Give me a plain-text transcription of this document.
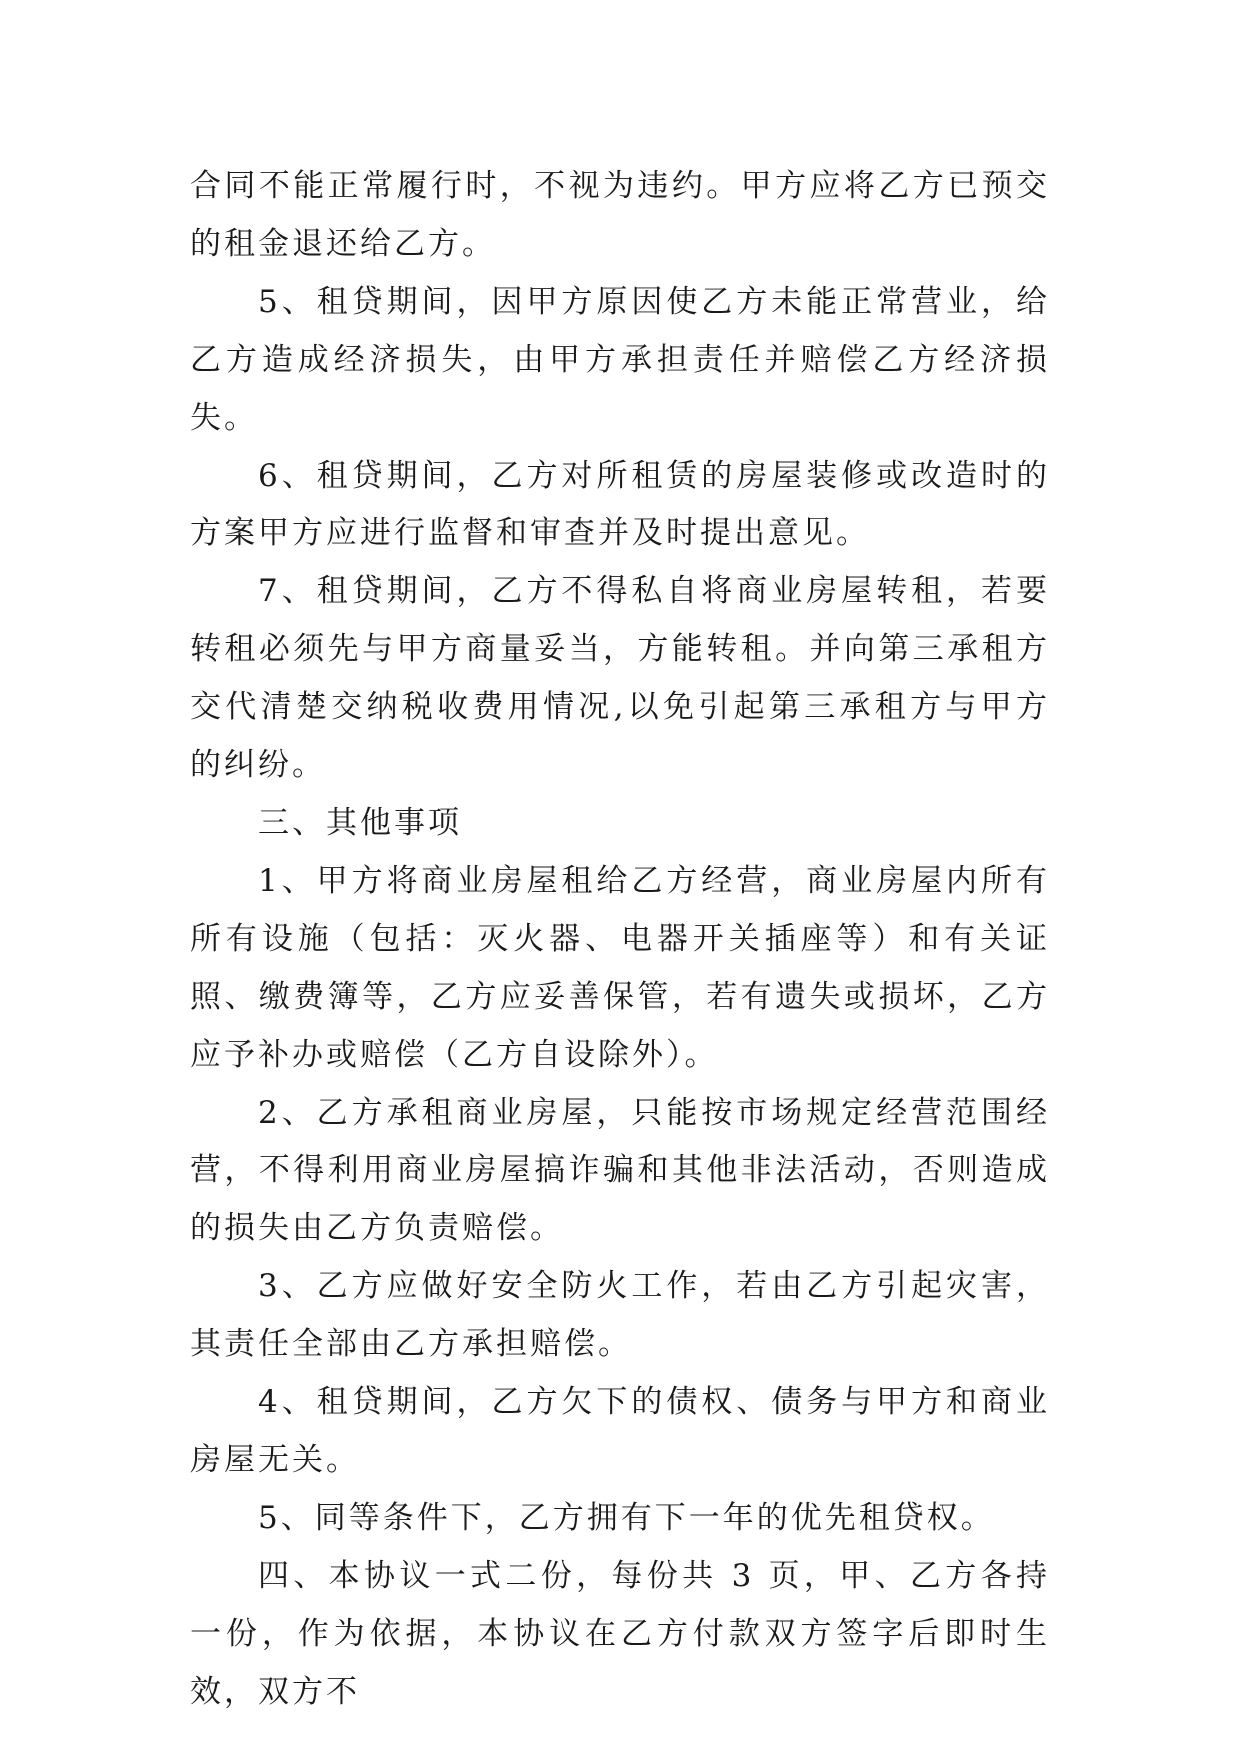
合同不能正常履行时，不视为违约。甲方应将乙方已预交的租金退还给乙方。

5、租贷期间，因甲方原因使乙方未能正常营业，给乙方造成经济损失，由甲方承担责任并赔偿乙方经济损失。

6、租贷期间，乙方对所租赁的房屋装修或改造时的方案甲方应进行监督和审查并及时提出意见。

7、租贷期间，乙方不得私自将商业房屋转租，若要转租必须先与甲方商量妥当，方能转租。并向第三承租方交代清楚交纳税收费用情况,以免引起第三承租方与甲方的纠纷。

三、其他事项

1、甲方将商业房屋租给乙方经营，商业房屋内所有所有设施（包括：灭火器、电器开关插座等）和有关证照、缴费簿等，乙方应妥善保管，若有遗失或损坏，乙方应予补办或赔偿（乙方自设除外）。

2、乙方承租商业房屋，只能按市场规定经营范围经营，不得利用商业房屋搞诈骗和其他非法活动，否则造成的损失由乙方负责赔偿。

3、乙方应做好安全防火工作，若由乙方引起灾害，其责任全部由乙方承担赔偿。

4、租贷期间，乙方欠下的债权、债务与甲方和商业房屋无关。

5、同等条件下，乙方拥有下一年的优先租贷权。

四、本协议一式二份，每份共 3 页，甲、乙方各持一份，作为依据，本协议在乙方付款双方签字后即时生效，双方不
